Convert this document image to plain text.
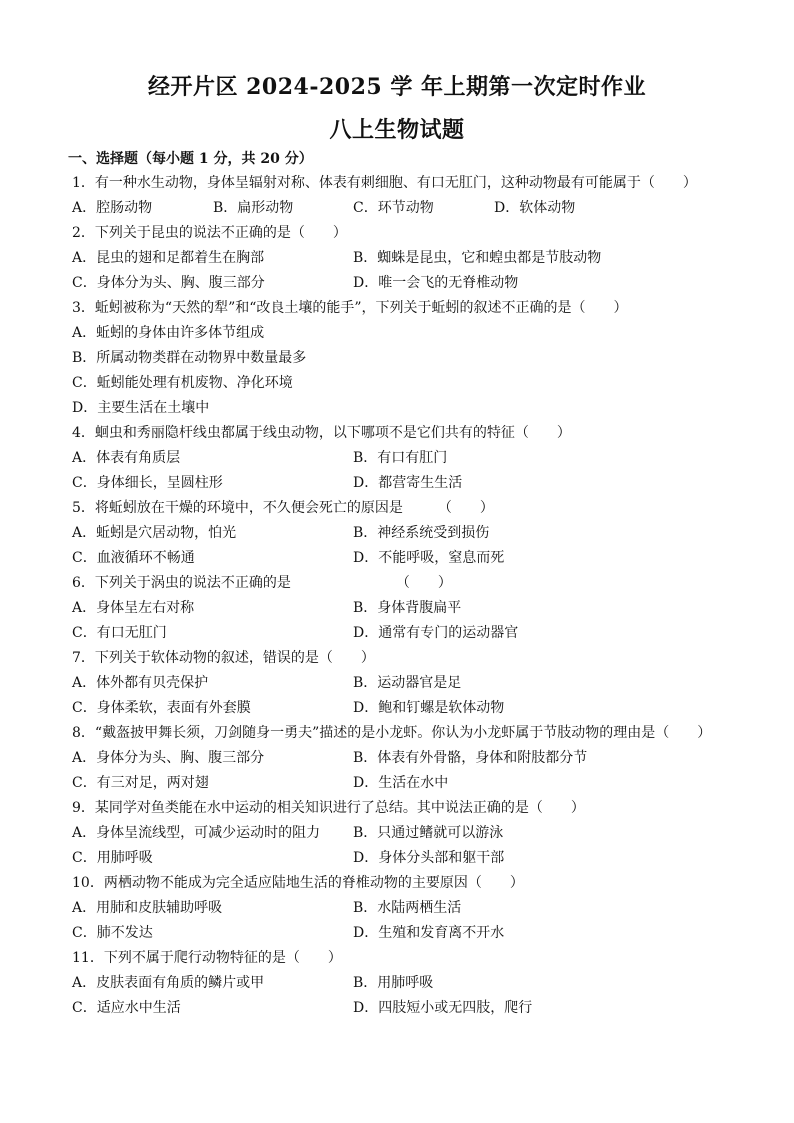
经开片区 2024-2025 学 年上期第一次定时作业
八上生物试题
一、选择题（每小题 1 分，共 20 分）
1．有一种水生动物，身体呈辐射对称、体表有刺细胞、有口无肛门，这种动物最有可能属于（　　）
A．腔肠动物	B．扁形动物	C．环节动物	D．软体动物
2．下列关于昆虫的说法不正确的是（　　）
A．昆虫的翅和足都着生在胸部	B．蜘蛛是昆虫，它和蝗虫都是节肢动物
C．身体分为头、胸、腹三部分	D．唯一会飞的无脊椎动物
3．蚯蚓被称为“天然的犁”和“改良土壤的能手”，下列关于蚯蚓的叙述不正确的是（　　）
A．蚯蚓的身体由许多体节组成
B．所属动物类群在动物界中数量最多
C．蚯蚓能处理有机废物、净化环境
D．主要生活在土壤中
4．蛔虫和秀丽隐杆线虫都属于线虫动物，以下哪项不是它们共有的特征（　　）
A．体表有角质层	B．有口有肛门
C．身体细长，呈圆柱形	D．都营寄生生活
5．将蚯蚓放在干燥的环境中，不久便会死亡的原因是　　　（　　）
A．蚯蚓是穴居动物，怕光	B．神经系统受到损伤
C．血液循环不畅通	D．不能呼吸，窒息而死
6．下列关于涡虫的说法不正确的是　　　　　　　　（　　）
A．身体呈左右对称	B．身体背腹扁平
C．有口无肛门	D．通常有专门的运动器官
7．下列关于软体动物的叙述，错误的是（　　）
A．体外都有贝壳保护	B．运动器官是足
C．身体柔软，表面有外套膜	D．鲍和钉螺是软体动物
8．“戴盔披甲舞长须，刀剑随身一勇夫”描述的是小龙虾。你认为小龙虾属于节肢动物的理由是（　　）
A．身体分为头、胸、腹三部分	B．体表有外骨骼，身体和附肢都分节
C．有三对足，两对翅	D．生活在水中
9．某同学对鱼类能在水中运动的相关知识进行了总结。其中说法正确的是（　　）
A．身体呈流线型，可减少运动时的阻力 B．只通过鳍就可以游泳
C．用肺呼吸	D．身体分头部和躯干部
10．两栖动物不能成为完全适应陆地生活的脊椎动物的主要原因（　　）
A．用肺和皮肤辅助呼吸	B．水陆两栖生活
C．肺不发达	D．生殖和发育离不开水
11．下列不属于爬行动物特征的是（　　）
A．皮肤表面有角质的鳞片或甲	B．用肺呼吸
C．适应水中生活	D．四肢短小或无四肢，爬行
